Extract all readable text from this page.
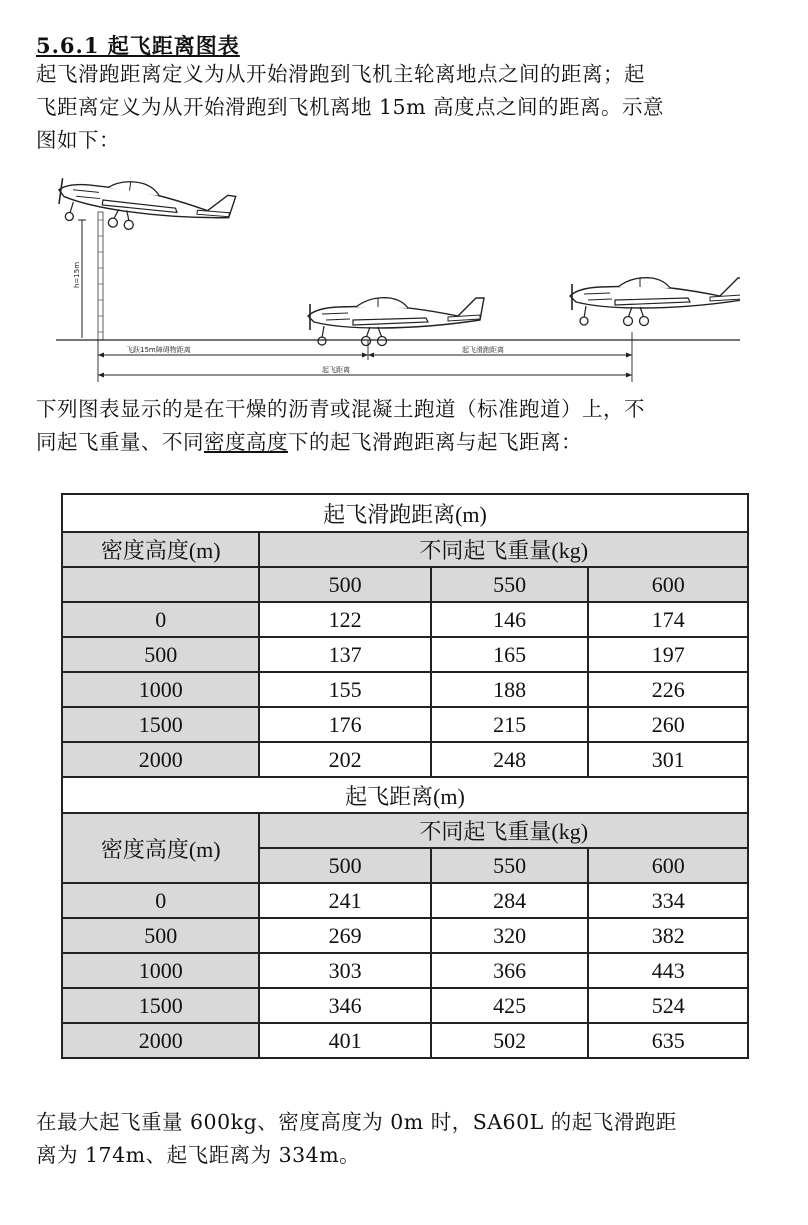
5.6.1 起飞距离图表
起飞滑跑距离定义为从开始滑跑到飞机主轮离地点之间的距离；起
飞距离定义为从开始滑跑到飞机离地 15m 高度点之间的距离。示意
图如下：
h=15m
飞跃15m障碍物距离	起飞滑跑距离
起飞距离
下列图表显示的是在干燥的沥青或混凝土跑道（标准跑道）上，不
同起飞重量、不同密度高度下的起飞滑跑距离与起飞距离：
起飞滑跑距离(m)			
密度高度(m)	不同起飞重量(kg)		
	500	550	600
0	122	146	174
500	137	165	197
1000	155	188	226
1500	176	215	260
2000	202	248	301
起飞距离(m)			
密度高度(m)	不同起飞重量(kg)		
	500	550	600
0	241	284	334
500	269	320	382
1000	303	366	443
1500	346	425	524
2000	401	502	635
在最大起飞重量 600kg、密度高度为 0m 时，SA60L 的起飞滑跑距
离为 174m、起飞距离为 334m。
